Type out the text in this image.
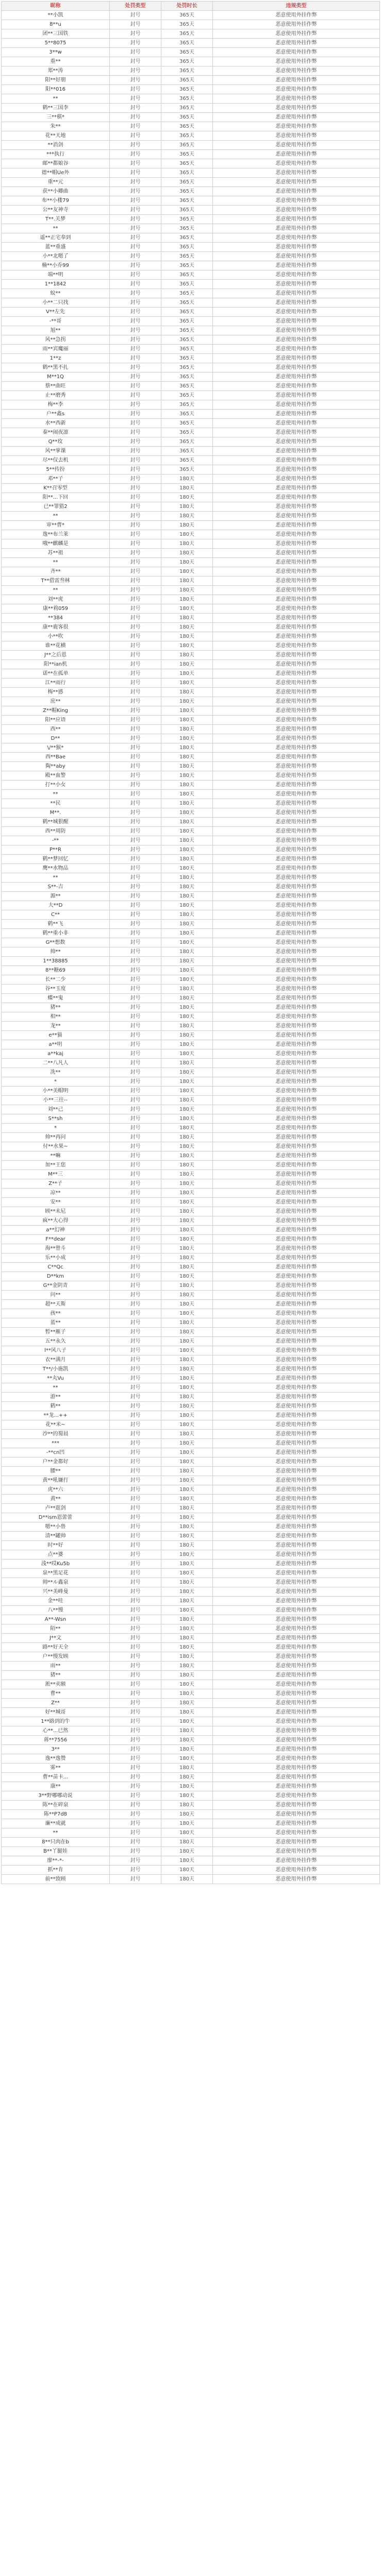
昵称	处罚类型	处罚时长	违规类型
**小凯	封号	365天	恶意使用外挂作弊
8**u	封号	365天	恶意使用外挂作弊
团**三国铁	封号	365天	恶意使用外挂作弊
5**8075	封号	365天	恶意使用外挂作弊
3**w	封号	365天	恶意使用外挂作弊
重**	封号	365天	恶意使用外挂作弊
郑**涛	封号	365天	恶意使用外挂作弊
阳**好朋	封号	365天	恶意使用外挂作弊
阳**016	封号	365天	恶意使用外挂作弊
**	封号	365天	恶意使用外挂作弊
鹤**三国李	封号	365天	恶意使用外挂作弊
三**棋*	封号	365天	恶意使用外挂作弊
朱**	封号	365天	恶意使用外挂作弊
花**天地	封号	365天	恶意使用外挂作弊
**消剑	封号	365天	恶意使用外挂作弊
***执行	封号	365天	恶意使用外挂作弊
邮**都娘谷	封号	365天	恶意使用外挂作弊
德**帽Ue外	封号	365天	恶意使用外挂作弊
重**元	封号	365天	恶意使用外挂作弊
获**小卿曲	封号	365天	恶意使用外挂作弊
布**小楼79	封号	365天	恶意使用外挂作弊
公**友神寺	封号	365天	恶意使用外挂作弊
T**.关梦	封号	365天	恶意使用外挂作弊
**	封号	365天	恶意使用外挂作弊
遥**正宅奉到	封号	365天	恶意使用外挂作弊
蓝**重盛	封号	365天	恶意使用外挂作弊
小**北嗯了	封号	365天	恶意使用外挂作弊
楠**小乔99	封号	365天	恶意使用外挂作弊
端**明	封号	365天	恶意使用外挂作弊
1**1842	封号	365天	恶意使用外挂作弊
蚊**	封号	365天	恶意使用外挂作弊
小**二只找	封号	365天	恶意使用外挂作弊
V**左先	封号	365天	恶意使用外挂作弊
-**哥	封号	365天	恶意使用外挂作弊
旭**	封号	365天	恶意使用外挂作弊
风**急拐	封号	365天	恶意使用外挂作弊
雨**宾魔丽	封号	365天	恶意使用外挂作弊
1**z	封号	365天	恶意使用外挂作弊
鹤**黑不扎	封号	365天	恶意使用外挂作弊
M**1Q	封号	365天	恶意使用外挂作弊
蔡**曲旺	封号	365天	恶意使用外挂作弊
止**磨秀	封号	365天	恶意使用外挂作弊
梅**李	封号	365天	恶意使用外挂作弊
户**鑫s	封号	365天	恶意使用外挂作弊
水**西新	封号	365天	恶意使用外挂作弊
秦**闹夜凛	封号	365天	恶意使用外挂作弊
Q**玫	封号	365天	恶意使用外挂作弊
风**掌课	封号	365天	恶意使用外挂作弊
尽**仅去机	封号	365天	恶意使用外挂作弊
5**传扮	封号	365天	恶意使用外挂作弊
邓**子	封号	180天	恶意使用外挂作弊
K**召零型	封号	180天	恶意使用外挂作弊
阳**...下回	封号	180天	恶意使用外挂作弊
已**罪猎2	封号	180天	恶意使用外挂作弊
**	封号	180天	恶意使用外挂作弊
审**曹*	封号	180天	恶意使用外挂作弊
逸**布兰莱	封号	180天	恶意使用外挂作弊
哦**麒麟是	封号	180天	恶意使用外挂作弊
苏**祖	封号	180天	恶意使用外挂作弊
**	封号	180天	恶意使用外挂作弊
齐**	封号	180天	恶意使用外挂作弊
T**借雷叁林	封号	180天	恶意使用外挂作弊
**	封号	180天	恶意使用外挂作弊
刘**虎	封号	180天	恶意使用外挂作弊
康**莉059	封号	180天	恶意使用外挂作弊
**384	封号	180天	恶意使用外挂作弊
康**鹿客很	封号	180天	恶意使用外挂作弊
小**吹	封号	180天	恶意使用外挂作弊
谁**花横	封号	180天	恶意使用外挂作弊
J**之后恩	封号	180天	恶意使用外挂作弊
阳**ian机	封号	180天	恶意使用外挂作弊
诺**在孤单	封号	180天	恶意使用外挂作弊
江**雨行	封号	180天	恶意使用外挂作弊
梅**感	封号	180天	恶意使用外挂作弊
庶**	封号	180天	恶意使用外挂作弊
Z**帽King	封号	180天	恶意使用外挂作弊
阳**应语	封号	180天	恶意使用外挂作弊
西**	封号	180天	恶意使用外挂作弊
D**	封号	180天	恶意使用外挂作弊
\/**猴*	封号	180天	恶意使用外挂作弊
西**Bae	封号	180天	恶意使用外挂作弊
陶**aby	封号	180天	恶意使用外挂作弊
殿**血警	封号	180天	恶意使用外挂作弊
打**小女	封号	180天	恶意使用外挂作弊
**	封号	180天	恶意使用外挂作弊
**民	封号	180天	恶意使用外挂作弊
M**.	封号	180天	恶意使用外挂作弊
鹤**城狠醒	封号	180天	恶意使用外挂作弊
西**周防	封号	180天	恶意使用外挂作弊
-**	封号	180天	恶意使用外挂作弊
P**R	封号	180天	恶意使用外挂作弊
鹤**梦回忆	封号	180天	恶意使用外挂作弊
鹰**水物品	封号	180天	恶意使用外挂作弊
**	封号	180天	恶意使用外挂作弊
S**-吉	封号	180天	恶意使用外挂作弊
源**	封号	180天	恶意使用外挂作弊
大**D	封号	180天	恶意使用外挂作弊
C**	封号	180天	恶意使用外挂作弊
鹤**飞	封号	180天	恶意使用外挂作弊
鹤**重小非	封号	180天	恶意使用外挂作弊
G**想数	封号	180天	恶意使用外挂作弊
帅**	封号	180天	恶意使用外挂作弊
1**38885	封号	180天	恶意使用外挂作弊
8**糖69	封号	180天	恶意使用外挂作弊
长**二少	封号	180天	恶意使用外挂作弊
谷**玉度	封号	180天	恶意使用外挂作弊
蝶**鬼	封号	180天	恶意使用外挂作弊
猪**	封号	180天	恶意使用外挂作弊
相**	封号	180天	恶意使用外挂作弊
龙**	封号	180天	恶意使用外挂作弊
e**猫	封号	180天	恶意使用外挂作弊
a**明	封号	180天	恶意使用外挂作弊
a**kaj	封号	180天	恶意使用外挂作弊
二**八凡人	封号	180天	恶意使用外挂作弊
冼**	封号	180天	恶意使用外挂作弊
*	封号	180天	恶意使用外挂作弊
小**美帽明	封号	180天	恶意使用外挂作弊
小**三往--	封号	180天	恶意使用外挂作弊
刘**己	封号	180天	恶意使用外挂作弊
S**sh	封号	180天	恶意使用外挂作弊
*	封号	180天	恶意使用外挂作弊
帅**再问	封号	180天	恶意使用外挂作弊
付**水果~	封号	180天	恶意使用外挂作弊
**嘛	封号	180天	恶意使用外挂作弊
加**王您	封号	180天	恶意使用外挂作弊
M**三	封号	180天	恶意使用外挂作弊
Z**子	封号	180天	恶意使用外挂作弊
凉**	封号	180天	恶意使用外挂作弊
安**	封号	180天	恶意使用外挂作弊
顾**未尼	封号	180天	恶意使用外挂作弊
疯**大心得	封号	180天	恶意使用外挂作弊
a**幻神	封号	180天	恶意使用外挂作弊
F**dear	封号	180天	恶意使用外挂作弊
海**曾斗	封号	180天	恶意使用外挂作弊
乐**小成	封号	180天	恶意使用外挂作弊
C**Qc	封号	180天	恶意使用外挂作弊
D**km	封号	180天	恶意使用外挂作弊
G**金阴青	封号	180天	恶意使用外挂作弊
问**	封号	180天	恶意使用外挂作弊
超**天斯	封号	180天	恶意使用外挂作弊
孩**	封号	180天	恶意使用外挂作弊
蓝**	封号	180天	恶意使用外挂作弊
暂**雁子	封号	180天	恶意使用外挂作弊
五**永久	封号	180天	恶意使用外挂作弊
l**风八子	封号	180天	恶意使用外挂作弊
衣**满月	封号	180天	恶意使用外挂作弊
T**/小施凯	封号	180天	恶意使用外挂作弊
**丸Vu	封号	180天	恶意使用外挂作弊
**	封号	180天	恶意使用外挂作弊
游**	封号	180天	恶意使用外挂作弊
鹤**	封号	180天	恶意使用外挂作弊
**龙...++	封号	180天	恶意使用外挂作弊
花**米~	封号	180天	恶意使用外挂作弊
沙**的蜀晨	封号	180天	恶意使用外挂作弊
***	封号	180天	恶意使用外挂作弊
-**cn凹	封号	180天	恶意使用外挂作弊
户**金都好	封号	180天	恶意使用外挂作弊
腰**	封号	180天	恶意使用外挂作弊
黄**吼嫌打	封号	180天	恶意使用外挂作弊
虎**六	封号	180天	恶意使用外挂作弊
黄**	封号	180天	恶意使用外挂作弊
卢**逛剑	封号	180天	恶意使用外挂作弊
D**ism恩蕾蕾	封号	180天	恶意使用外挂作弊
嗯**小鲁	封号	180天	恶意使用外挂作弊
清**罐帅	封号	180天	恶意使用外挂作弊
时**好	封号	180天	恶意使用外挂作弊
点**婆	封号	180天	恶意使用外挂作弊
浅**哎Ku5b	封号	180天	恶意使用外挂作弊
泉**黑足花	封号	180天	恶意使用外挂作弊
帅**ル鑫泉	封号	180天	恶意使用外挂作弊
兴**美峰曼	封号	180天	恶意使用外挂作弊
金**哇	封号	180天	恶意使用外挂作弊
八**慢	封号	180天	恶意使用外挂作弊
A**-Wsn	封号	180天	恶意使用外挂作弊
陌**	封号	180天	恶意使用外挂作弊
J**文	封号	180天	恶意使用外挂作弊
路**好天全	封号	180天	恶意使用外挂作弊
户**慢发顾	封号	180天	恶意使用外挂作弊
雨**	封号	180天	恶意使用外挂作弊
猪**	封号	180天	恶意使用外挂作弊
淞**卖额	封号	180天	恶意使用外挂作弊
曹**	封号	180天	恶意使用外挂作弊
Z**	封号	180天	恶意使用外挂作弊
好**城哥	封号	180天	恶意使用外挂作弊
1**路到的牛	封号	180天	恶意使用外挂作弊
心**...已然	封号	180天	恶意使用外挂作弊
蒋**7556	封号	180天	恶意使用外挂作弊
3**	封号	180天	恶意使用外挂作弊
逸**逸赞	封号	180天	恶意使用外挂作弊
雾**	封号	180天	恶意使用外挂作弊
曹**苗卡...	封号	180天	恶意使用外挂作弊
康**	封号	180天	恶意使用外挂作弊
3**野哪哪动说	封号	180天	恶意使用外挂作弊
陈**在碎泉	封号	180天	恶意使用外挂作弊
陈**P7d8	封号	180天	恶意使用外挂作弊
廉**成就	封号	180天	恶意使用外挂作弊
**	封号	180天	恶意使用外挂作弊
8**只肉在b	封号	180天	恶意使用外挂作弊
B**丫腿娃	封号	180天	恶意使用外挂作弊
廖**-*-	封号	180天	恶意使用外挂作弊
抓**肯	封号	180天	恶意使用外挂作弊
前**致顾	封号	180天	恶意使用外挂作弊
